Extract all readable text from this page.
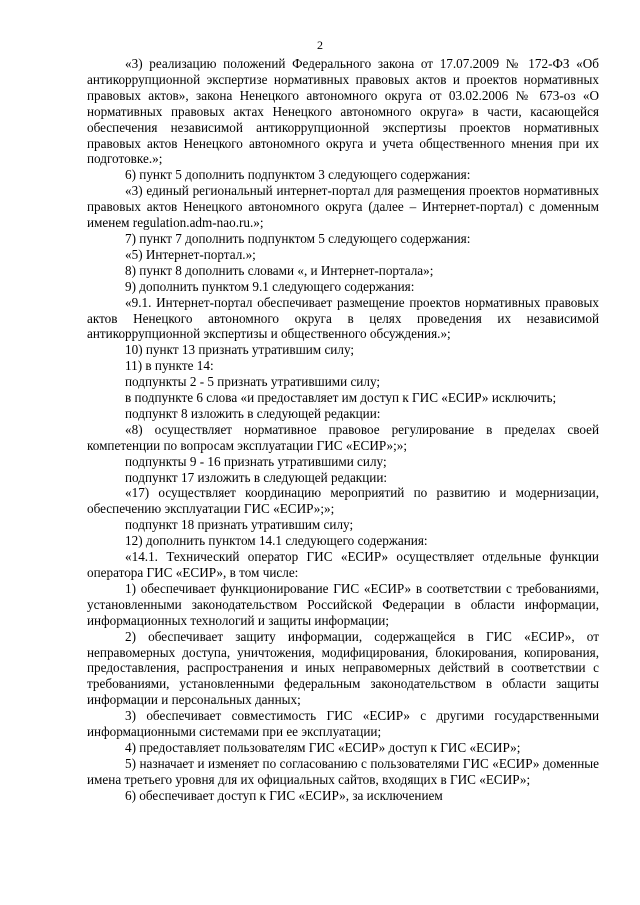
2

«3) реализацию положений Федерального закона от 17.07.2009 № 172-ФЗ «Об антикоррупционной экспертизе нормативных правовых актов и проектов нормативных правовых актов», закона Ненецкого автономного округа от 03.02.2006 № 673-оз «О нормативных правовых актах Ненецкого автономного округа» в части, касающейся обеспечения независимой антикоррупционной экспертизы проектов нормативных правовых актов Ненецкого автономного округа и учета общественного мнения при их подготовке.»;

6) пункт 5 дополнить подпунктом 3 следующего содержания:

«3) единый региональный интернет-портал для размещения проектов нормативных правовых актов Ненецкого автономного округа (далее – Интернет-портал) с доменным именем regulation.adm-nao.ru.»;

7) пункт 7 дополнить подпунктом 5 следующего содержания:

«5) Интернет-портал.»;

8) пункт 8 дополнить словами «, и Интернет-портала»;

9) дополнить пунктом 9.1 следующего содержания:

«9.1. Интернет-портал обеспечивает размещение проектов нормативных правовых актов Ненецкого автономного округа в целях проведения их независимой антикоррупционной экспертизы и общественного обсуждения.»;

10) пункт 13 признать утратившим силу;

11) в пункте 14:

подпункты 2 - 5 признать утратившими силу;

в подпункте 6 слова «и предоставляет им доступ к ГИС «ЕСИР» исключить;

подпункт 8 изложить в следующей редакции:

«8) осуществляет нормативное правовое регулирование в пределах своей компетенции по вопросам эксплуатации ГИС «ЕСИР»;»;

подпункты 9 - 16 признать утратившими силу;

подпункт 17 изложить в следующей редакции:

«17) осуществляет координацию мероприятий по развитию и модернизации, обеспечению эксплуатации ГИС «ЕСИР»;»;

подпункт 18 признать утратившим силу;

12) дополнить пунктом 14.1 следующего содержания:

«14.1. Технический оператор ГИС «ЕСИР» осуществляет отдельные функции оператора ГИС «ЕСИР», в том числе:

1) обеспечивает функционирование ГИС «ЕСИР» в соответствии с требованиями, установленными законодательством Российской Федерации в области информации, информационных технологий и защиты информации;

2) обеспечивает защиту информации, содержащейся в ГИС «ЕСИР», от неправомерных доступа, уничтожения, модифицирования, блокирования, копирования, предоставления, распространения и иных неправомерных действий в соответствии с требованиями, установленными федеральным законодательством в области защиты информации и персональных данных;

3) обеспечивает совместимость ГИС «ЕСИР» с другими государственными информационными системами при ее эксплуатации;

4) предоставляет пользователям ГИС «ЕСИР» доступ к ГИС «ЕСИР»;

5) назначает и изменяет по согласованию с пользователями ГИС «ЕСИР» доменные имена третьего уровня для их официальных сайтов, входящих в ГИС «ЕСИР»;

6) обеспечивает доступ к ГИС «ЕСИР», за исключением
